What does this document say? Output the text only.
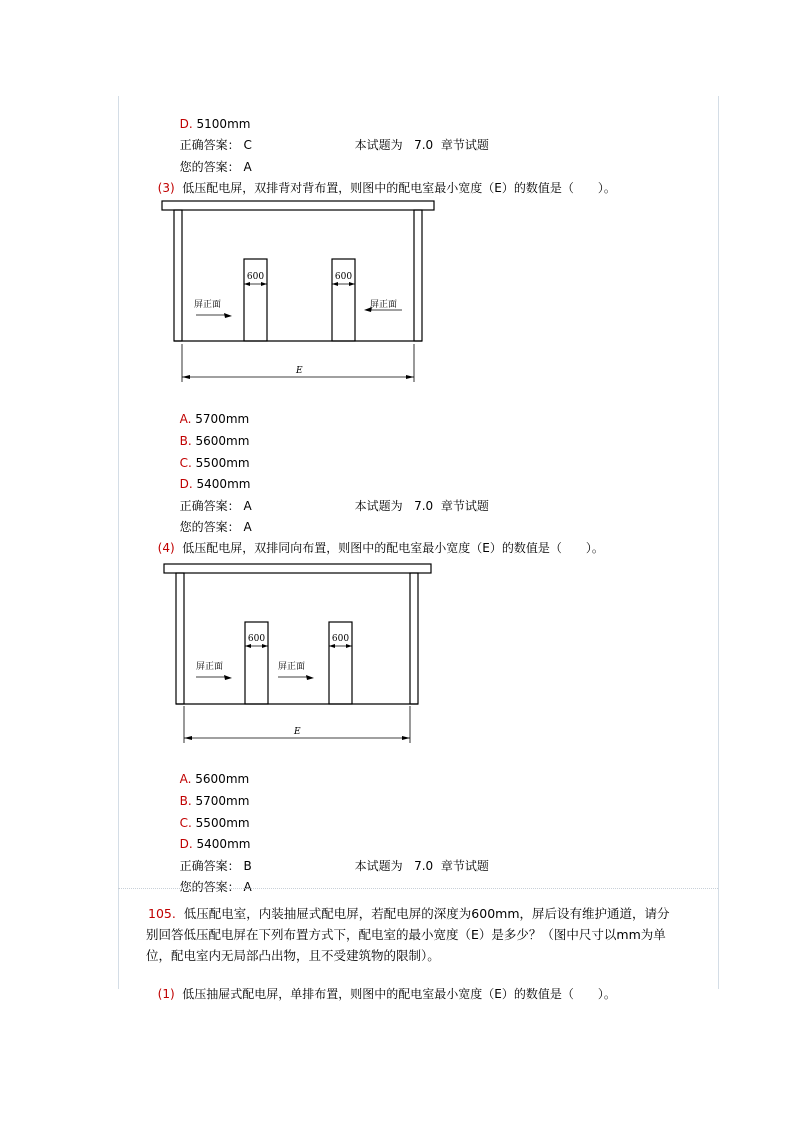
D. 5100mm

正确答案： C	本试题为 7.0 章节试题

您的答案： A

(3) 低压配电屏，双排背对背布置，则图中的配电室最小宽度（E）的数值是（　　）。

600	600
屏正面	屏正面
E

A. 5700mm

B. 5600mm

C. 5500mm

D. 5400mm

正确答案： A	本试题为 7.0 章节试题

您的答案： A

(4) 低压配电屏，双排同向布置，则图中的配电室最小宽度（E）的数值是（　　）。

600	600
屏正面	屏正面
E

A. 5600mm

B. 5700mm

C. 5500mm

D. 5400mm

正确答案： B	本试题为 7.0 章节试题

您的答案： A

105. 低压配电室，内装抽屉式配电屏，若配电屏的深度为600mm，屏后设有维护通道，请分
别回答低压配电屏在下列布置方式下，配电室的最小宽度（E）是多少？（图中尺寸以mm为单
位，配电室内无局部凸出物，且不受建筑物的限制）。

(1) 低压抽屉式配电屏，单排布置，则图中的配电室最小宽度（E）的数值是（　　）。
